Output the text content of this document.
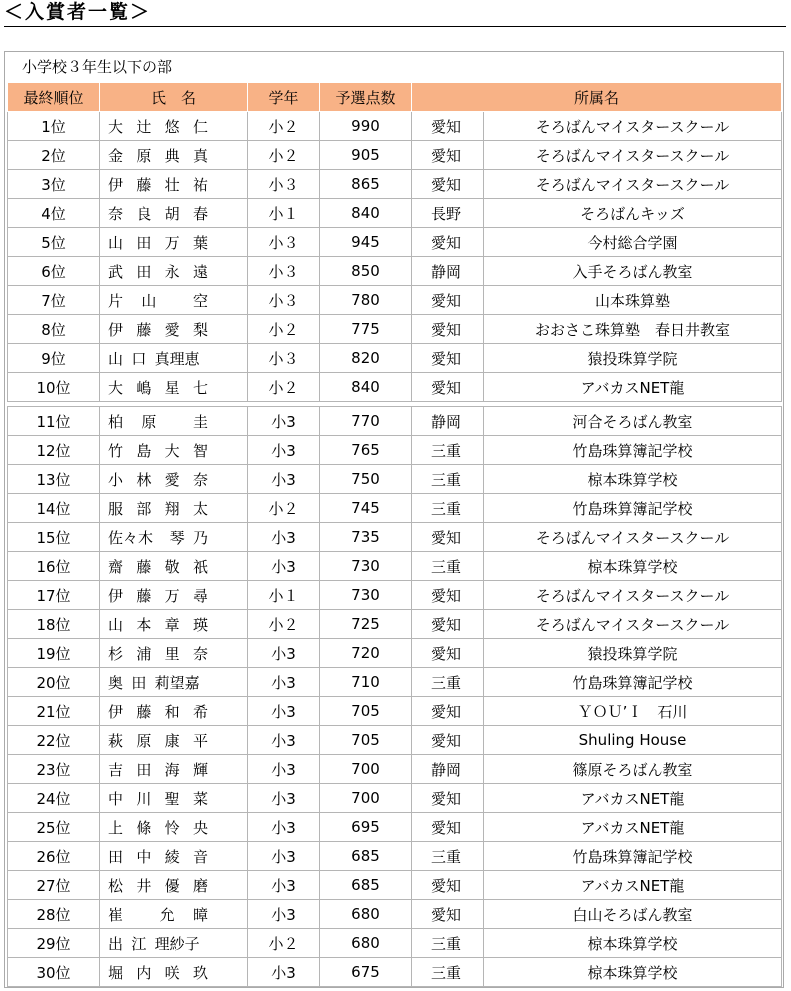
＜入賞者一覧＞
小学校３年生以下の部
最終順位	氏　名	学年	予選点数	所属名	
1位	大 辻 悠 仁	小２	990	愛知	そろばんマイスタースクール
2位	金 原 典 真	小２	905	愛知	そろばんマイスタースクール
3位	伊 藤 壮 祐	小３	865	愛知	そろばんマイスタースクール
4位	奈 良 胡 春	小１	840	長野	そろばんキッズ
5位	山 田 万 葉	小３	945	愛知	今村総合学園
6位	武 田 永 遠	小３	850	静岡	入手そろばん教室
7位	片 山 空	小３	780	愛知	山本珠算塾
8位	伊 藤 愛 梨	小２	775	愛知	おおさこ珠算塾　春日井教室
9位	山 口 真理恵	小３	820	愛知	猿投珠算学院
10位	大 嶋 星 七	小２	840	愛知	アバカスNET龍

11位	柏 原 圭	小3	770	静岡	河合そろばん教室
12位	竹 島 大 智	小3	765	三重	竹島珠算簿記学校
13位	小 林 愛 奈	小3	750	三重	椋本珠算学校
14位	服 部 翔 太	小２	745	三重	竹島珠算簿記学校
15位	佐々木 琴 乃	小3	735	愛知	そろばんマイスタースクール
16位	齋 藤 敬 祇	小3	730	三重	椋本珠算学校
17位	伊 藤 万 尋	小１	730	愛知	そろばんマイスタースクール
18位	山 本 章 瑛	小２	725	愛知	そろばんマイスタースクール
19位	杉 浦 里 奈	小3	720	愛知	猿投珠算学院
20位	奥 田 莉望嘉	小3	710	三重	竹島珠算簿記学校
21位	伊 藤 和 希	小3	705	愛知	ＹＯＵ’Ｉ　石川
22位	萩 原 康 平	小3	705	愛知	Shuling House
23位	吉 田 海 輝	小3	700	静岡	篠原そろばん教室
24位	中 川 聖 菜	小3	700	愛知	アバカスNET龍
25位	上 條 怜 央	小3	695	愛知	アバカスNET龍
26位	田 中 綾 音	小3	685	三重	竹島珠算簿記学校
27位	松 井 優 磨	小3	685	愛知	アバカスNET龍
28位	崔 允 暲	小3	680	愛知	白山そろばん教室
29位	出 江 理紗子	小２	680	三重	椋本珠算学校
30位	堀 内 咲 玖	小3	675	三重	椋本珠算学校
